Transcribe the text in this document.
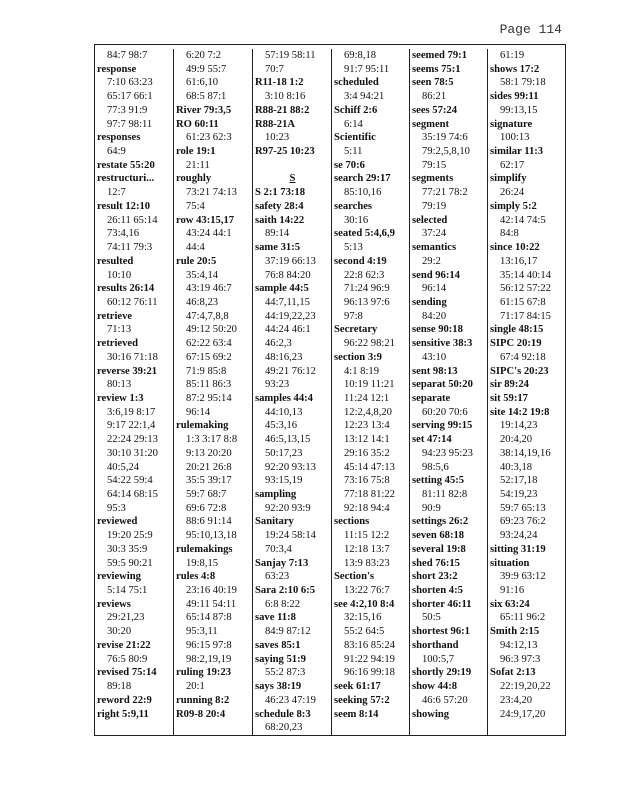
Page 114
84:7 98:7
response
7:10 63:23
65:17 66:1
77:3 91:9
97:7 98:11
responses
64:9
restate 55:20
restructuri...
12:7
result 12:10
26:11 65:14
73:4,16
74:11 79:3
resulted
10:10
results 26:14
60:12 76:11
retrieve
71:13
retrieved
30:16 71:18
reverse 39:21
80:13
review 1:3
3:6,19 8:17
9:17 22:1,4
22:24 29:13
30:10 31:20
40:5,24
54:22 59:4
64:14 68:15
95:3
reviewed
19:20 25:9
30:3 35:9
59:5 90:21
reviewing
5:14 75:1
reviews
29:21,23
30:20
revise 21:22
76:5 80:9
revised 75:14
89:18
reword 22:9
right 5:9,11
6:20 7:2
49:9 55:7
61:6,10
68:5 87:1
River 79:3,5
RO 60:11
61:23 62:3
role 19:1
21:11
roughly
73:21 74:13
75:4
row 43:15,17
43:24 44:1
44:4
rule 20:5
35:4,14
43:19 46:7
46:8,23
47:4,7,8,8
49:12 50:20
62:22 63:4
67:15 69:2
71:9 85:8
85:11 86:3
87:2 95:14
96:14
rulemaking
1:3 3:17 8:8
9:13 20:20
20:21 26:8
35:5 39:17
59:7 68:7
69:6 72:8
88:6 91:14
95:10,13,18
rulemakings
19:8,15
rules 4:8
23:16 40:19
49:11 54:11
65:14 87:8
95:3,11
96:15 97:8
98:2,19,19
ruling 19:23
20:1
running 8:2
R09-8 20:4
57:19 58:11
70:7
R11-18 1:2
3:10 8:16
R88-21 88:2
R88-21A
10:23
R97-25 10:23
S
S 2:1 73:18
safety 28:4
saith 14:22
89:14
same 31:5
37:19 66:13
76:8 84:20
sample 44:5
44:7,11,15
44:19,22,23
44:24 46:1
46:2,3
48:16,23
49:21 76:12
93:23
samples 44:4
44:10,13
45:3,16
46:5,13,15
50:17,23
92:20 93:13
93:15,19
sampling
92:20 93:9
Sanitary
19:24 58:14
70:3,4
Sanjay 7:13
63:23
Sara 2:10 6:5
6:8 8:22
save 11:8
84:9 87:12
saves 85:1
saying 51:9
55:2 87:3
says 38:19
46:23 47:19
schedule 8:3
68:20,23
69:8,18
91:7 95:11
scheduled
3:4 94:21
Schiff 2:6
6:14
Scientific
5:11
se 70:6
search 29:17
85:10,16
searches
30:16
seated 5:4,6,9
5:13
second 4:19
22:8 62:3
71:24 96:9
96:13 97:6
97:8
Secretary
96:22 98:21
section 3:9
4:1 8:19
10:19 11:21
11:24 12:1
12:2,4,8,20
12:23 13:4
13:12 14:1
29:16 35:2
45:14 47:13
73:16 75:8
77:18 81:22
92:18 94:4
sections
11:15 12:2
12:18 13:7
13:9 83:23
Section's
13:22 76:7
see 4:2,10 8:4
32:15,16
55:2 64:5
83:16 85:24
91:22 94:19
96:16 99:18
seek 61:17
seeking 57:2
seem 8:14
seemed 79:1
seems 75:1
seen 78:5
86:21
sees 57:24
segment
35:19 74:6
79:2,5,8,10
79:15
segments
77:21 78:2
79:19
selected
37:24
semantics
29:2
send 96:14
96:14
sending
84:20
sense 90:18
sensitive 38:3
43:10
sent 98:13
separat 50:20
separate
60:20 70:6
serving 99:15
set 47:14
94:23 95:23
98:5,6
setting 45:5
81:11 82:8
90:9
settings 26:2
seven 68:18
several 19:8
shed 76:15
short 23:2
shorten 4:5
shorter 46:11
50:5
shortest 96:1
shorthand
100:5,7
shortly 29:19
show 44:8
46:6 57:20
showing
61:19
shows 17:2
58:1 79:18
sides 99:11
99:13,15
signature
100:13
similar 11:3
62:17
simplify
26:24
simply 5:2
42:14 74:5
84:8
since 10:22
13:16,17
35:14 40:14
56:12 57:22
61:15 67:8
71:17 84:15
single 48:15
SIPC 20:19
67:4 92:18
SIPC's 20:23
sir 89:24
sit 59:17
site 14:2 19:8
19:14,23
20:4,20
38:14,19,16
40:3,18
52:17,18
54:19,23
59:7 65:13
69:23 76:2
93:24,24
sitting 31:19
situation
39:9 63:12
91:16
six 63:24
65:11 96:2
Smith 2:15
94:12,13
96:3 97:3
Sofat 2:13
22:19,20,22
23:4,20
24:9,17,20
